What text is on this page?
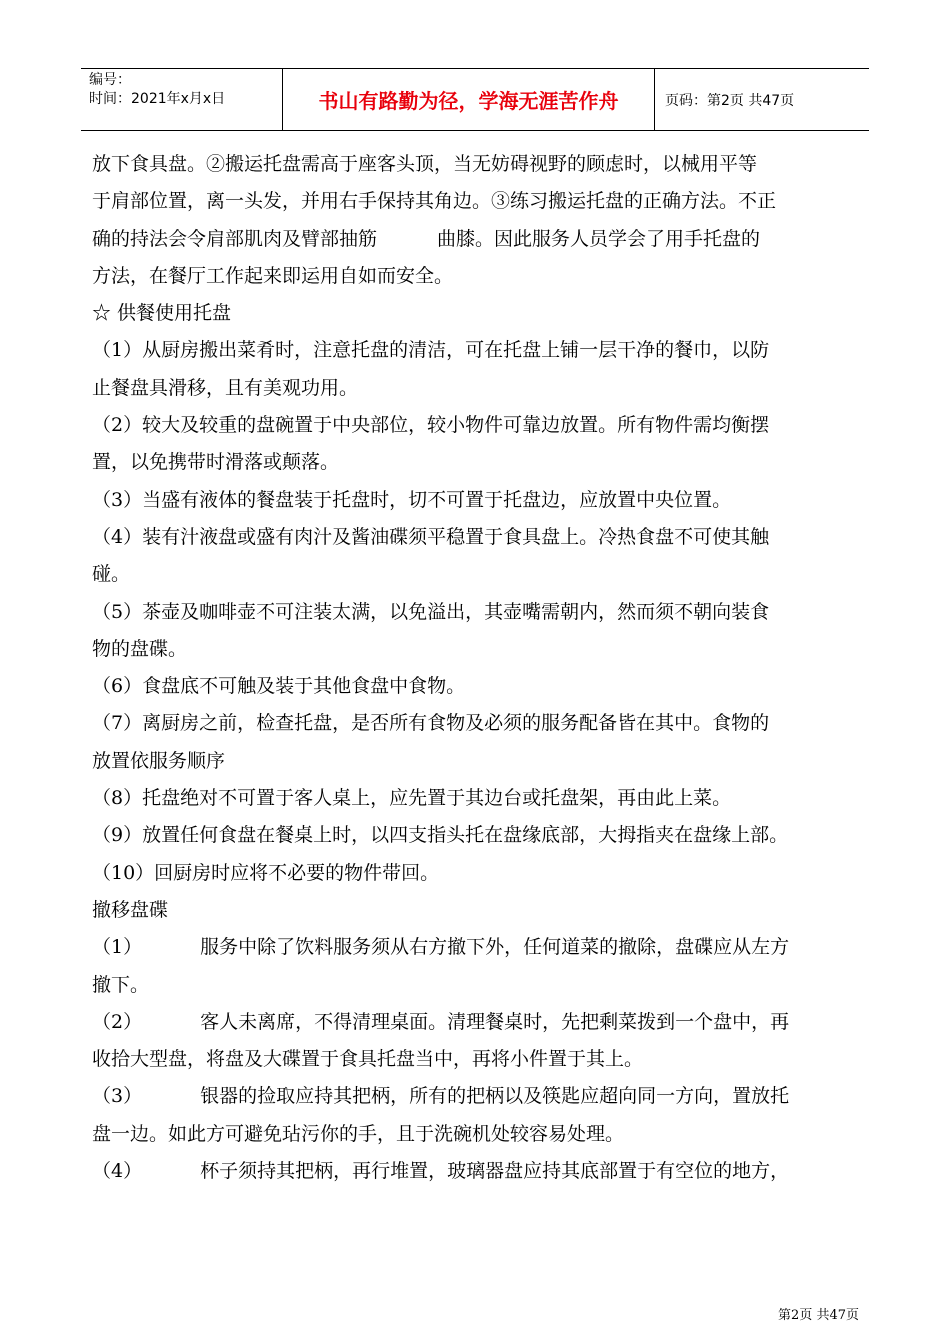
编号：
时间：2021年x月x日	书山有路勤为径，学海无涯苦作舟	页码：第2页 共47页
放下食具盘。②搬运托盘需高于座客头顶，当无妨碍视野的顾虑时，以械用平等
于肩部位置，离一头发，并用右手保持其角边。③练习搬运托盘的正确方法。不正
确的持法会令肩部肌肉及臂部抽筋	曲膝。因此服务人员学会了用手托盘的
方法，在餐厅工作起来即运用自如而安全。
☆ 供餐使用托盘
（1）从厨房搬出菜肴时，注意托盘的清洁，可在托盘上铺一层干净的餐巾，以防
止餐盘具滑移，且有美观功用。
（2）较大及较重的盘碗置于中央部位，较小物件可靠边放置。所有物件需均衡摆
置，以免携带时滑落或颠落。
（3）当盛有液体的餐盘装于托盘时，切不可置于托盘边，应放置中央位置。
（4）装有汁液盘或盛有肉汁及酱油碟须平稳置于食具盘上。冷热食盘不可使其触
碰。
（5）茶壶及咖啡壶不可注装太满，以免溢出，其壶嘴需朝内，然而须不朝向装食
物的盘碟。
（6）食盘底不可触及装于其他食盘中食物。
（7）离厨房之前，检查托盘，是否所有食物及必须的服务配备皆在其中。食物的
放置依服务顺序
（8）托盘绝对不可置于客人桌上，应先置于其边台或托盘架，再由此上菜。
（9）放置任何食盘在餐桌上时，以四支指头托在盘缘底部，大拇指夹在盘缘上部。
（10）回厨房时应将不必要的物件带回。
撤移盘碟
（1）	服务中除了饮料服务须从右方撤下外，任何道菜的撤除，盘碟应从左方
撤下。
（2）	客人未离席，不得清理桌面。清理餐桌时，先把剩菜拨到一个盘中，再
收拾大型盘，将盘及大碟置于食具托盘当中，再将小件置于其上。
（3）	银器的捡取应持其把柄，所有的把柄以及筷匙应超向同一方向，置放托
盘一边。如此方可避免玷污你的手，且于洗碗机处较容易处理。
（4）	杯子须持其把柄，再行堆置，玻璃器盘应持其底部置于有空位的地方，
第2页 共47页
